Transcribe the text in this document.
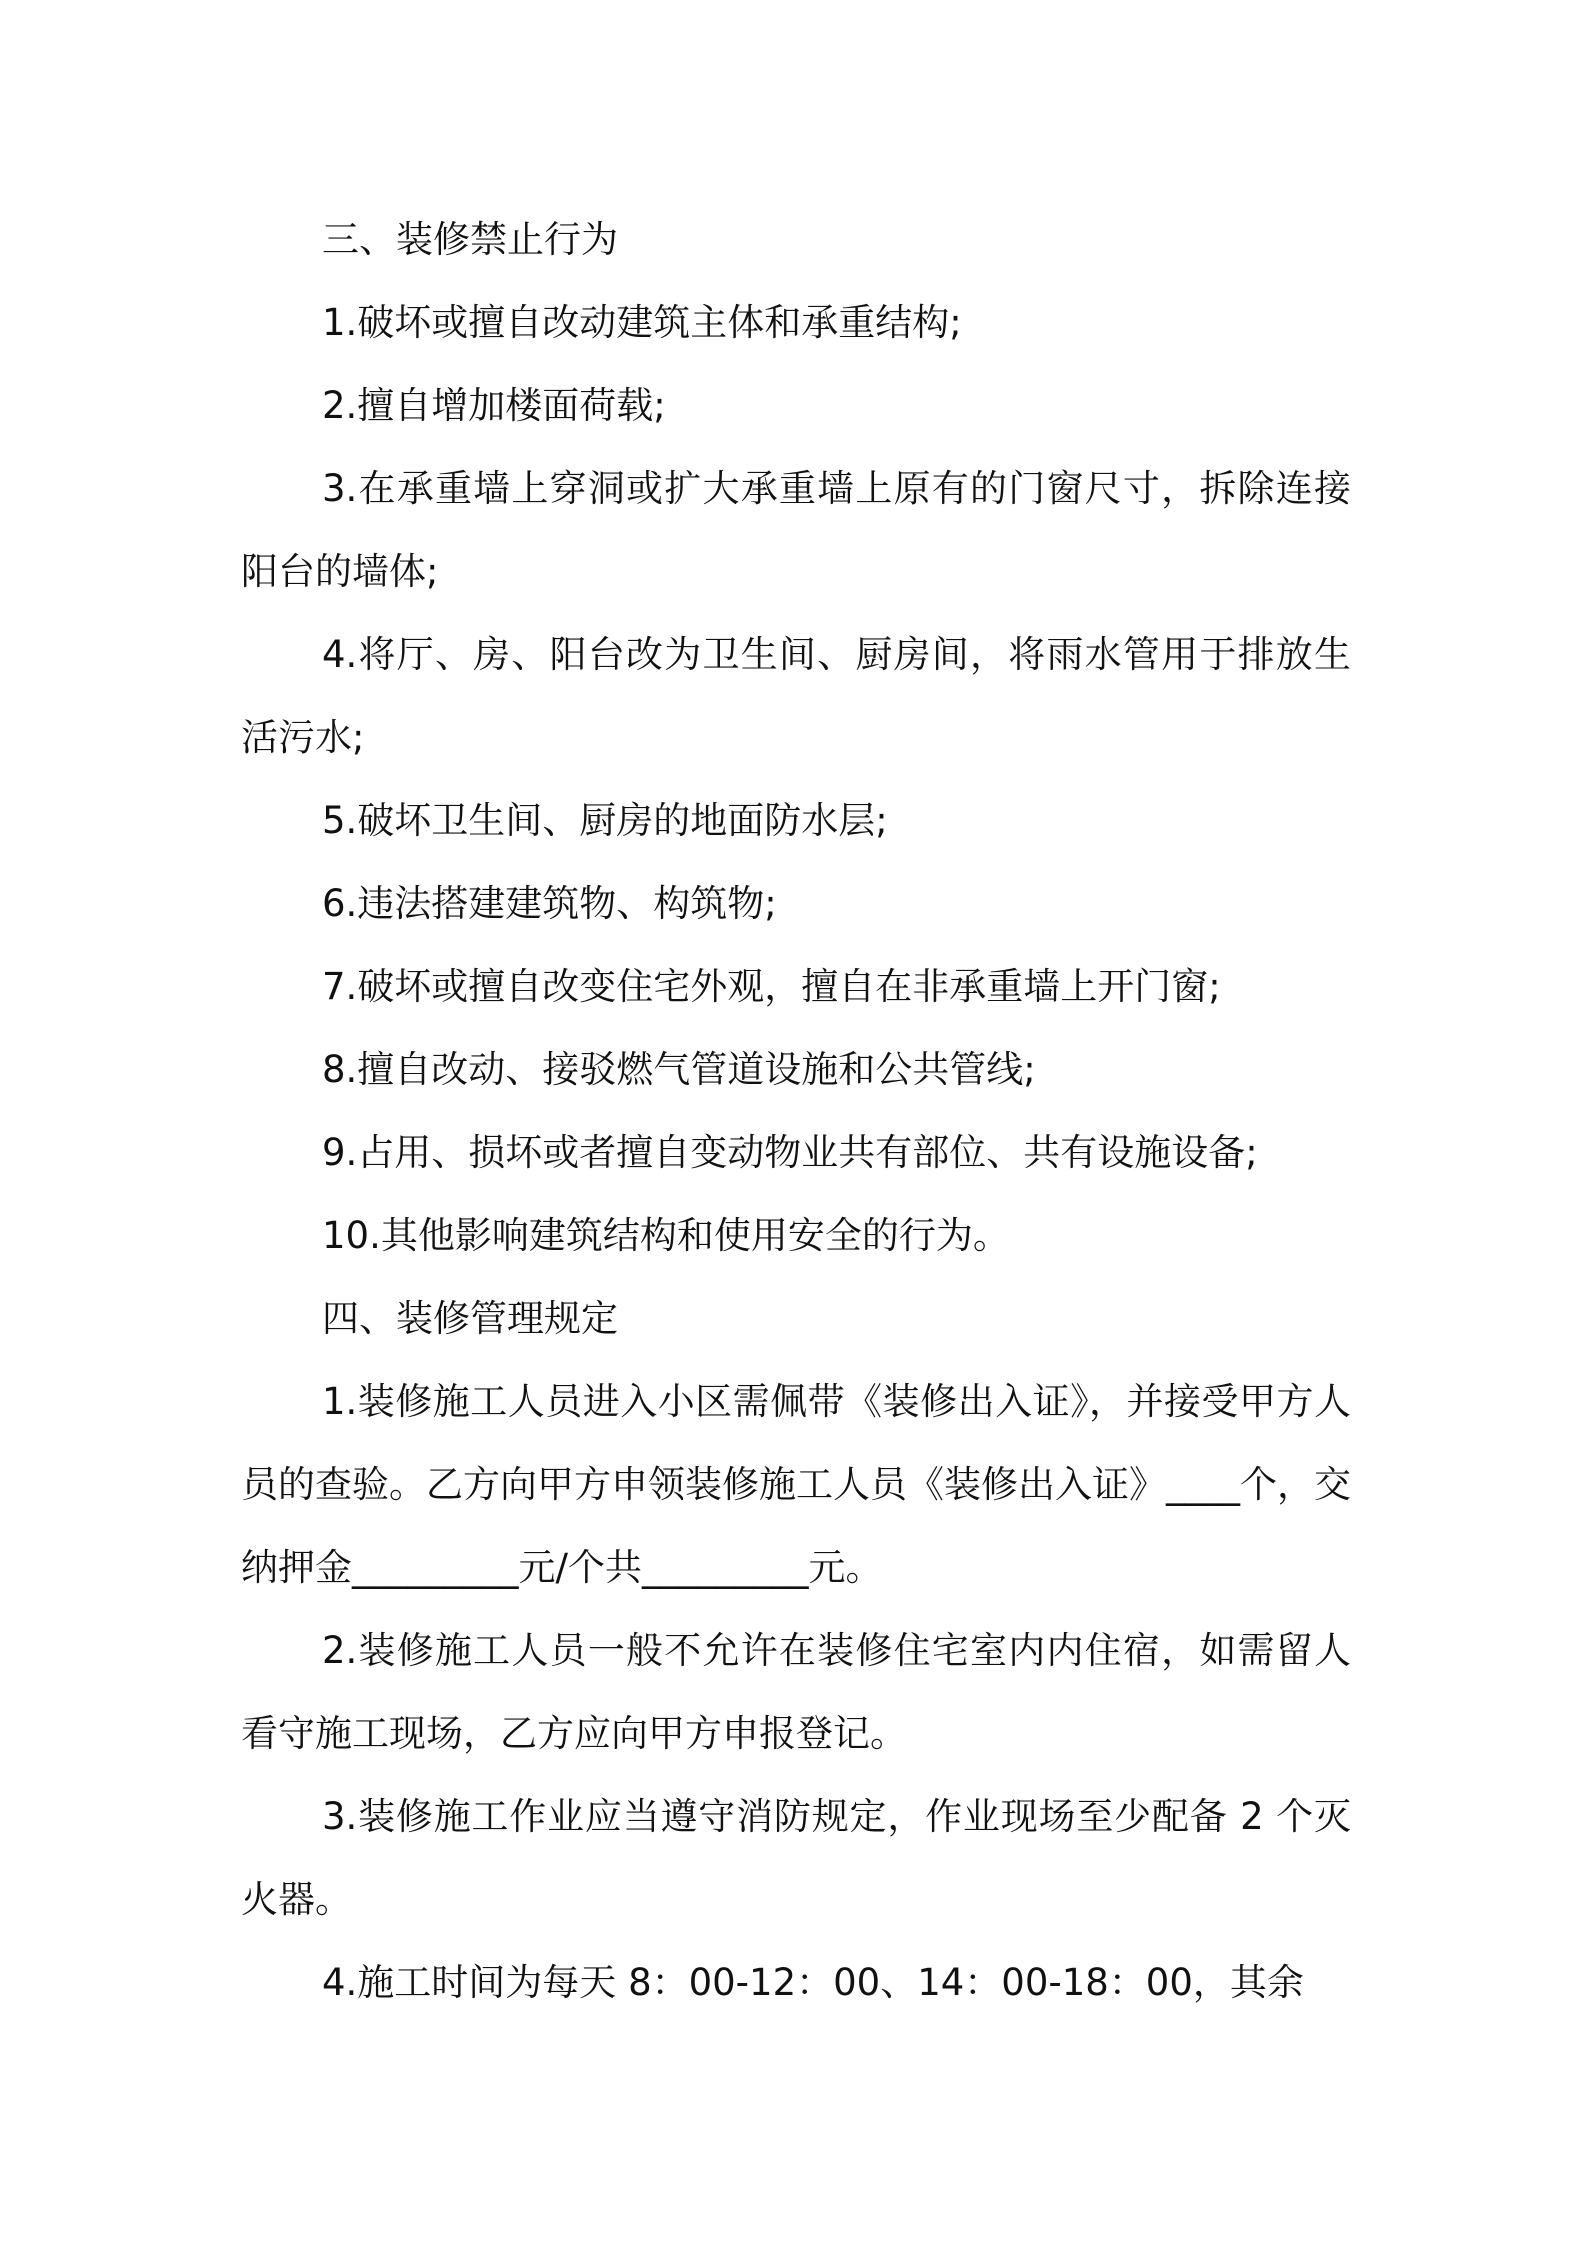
三、装修禁止行为

1.破坏或擅自改动建筑主体和承重结构;

2.擅自增加楼面荷载;

3.在承重墙上穿洞或扩大承重墙上原有的门窗尺寸，拆除连接阳台的墙体;

4.将厅、房、阳台改为卫生间、厨房间，将雨水管用于排放生活污水;

5.破坏卫生间、厨房的地面防水层;

6.违法搭建建筑物、构筑物;

7.破坏或擅自改变住宅外观，擅自在非承重墙上开门窗;

8.擅自改动、接驳燃气管道设施和公共管线;

9.占用、损坏或者擅自变动物业共有部位、共有设施设备;

10.其他影响建筑结构和使用安全的行为。

四、装修管理规定

1.装修施工人员进入小区需佩带《装修出入证》，并接受甲方人员的查验。乙方向甲方申领装修施工人员《装修出入证》____个，交纳押金_________元/个共_________元。

2.装修施工人员一般不允许在装修住宅室内内住宿，如需留人看守施工现场，乙方应向甲方申报登记。

3.装修施工作业应当遵守消防规定，作业现场至少配备 2 个灭火器。

4.施工时间为每天 8：00-12：00、14：00-18：00，其余
